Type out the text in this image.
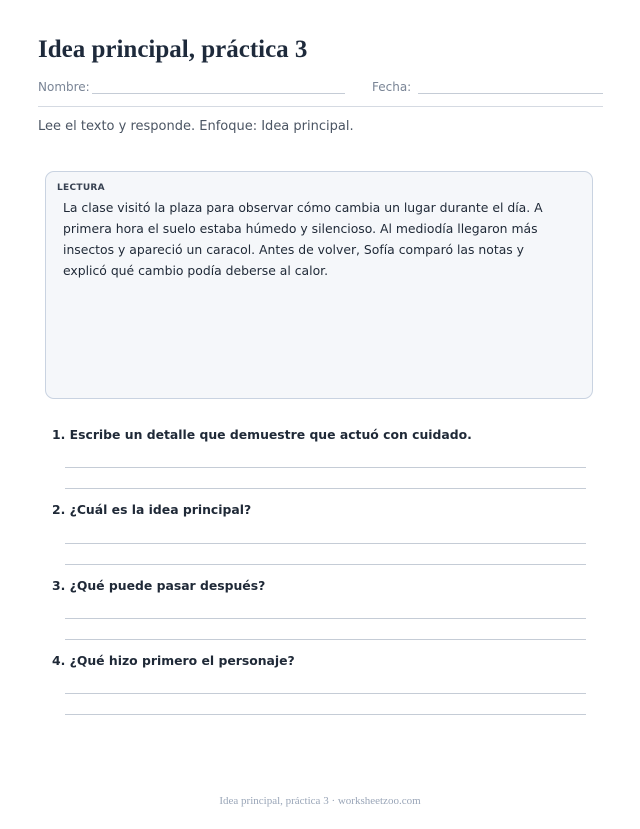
Idea principal, práctica 3
Nombre:	Fecha:
Lee el texto y responde. Enfoque: Idea principal.
LECTURA
La clase visitó la plaza para observar cómo cambia un lugar durante el día. A primera hora el suelo estaba húmedo y silencioso. Al mediodía llegaron más insectos y apareció un caracol. Antes de volver, Sofía comparó las notas y explicó qué cambio podía deberse al calor.
1. Escribe un detalle que demuestre que actuó con cuidado.
2. ¿Cuál es la idea principal?
3. ¿Qué puede pasar después?
4. ¿Qué hizo primero el personaje?
Idea principal, práctica 3 · worksheetzoo.com
